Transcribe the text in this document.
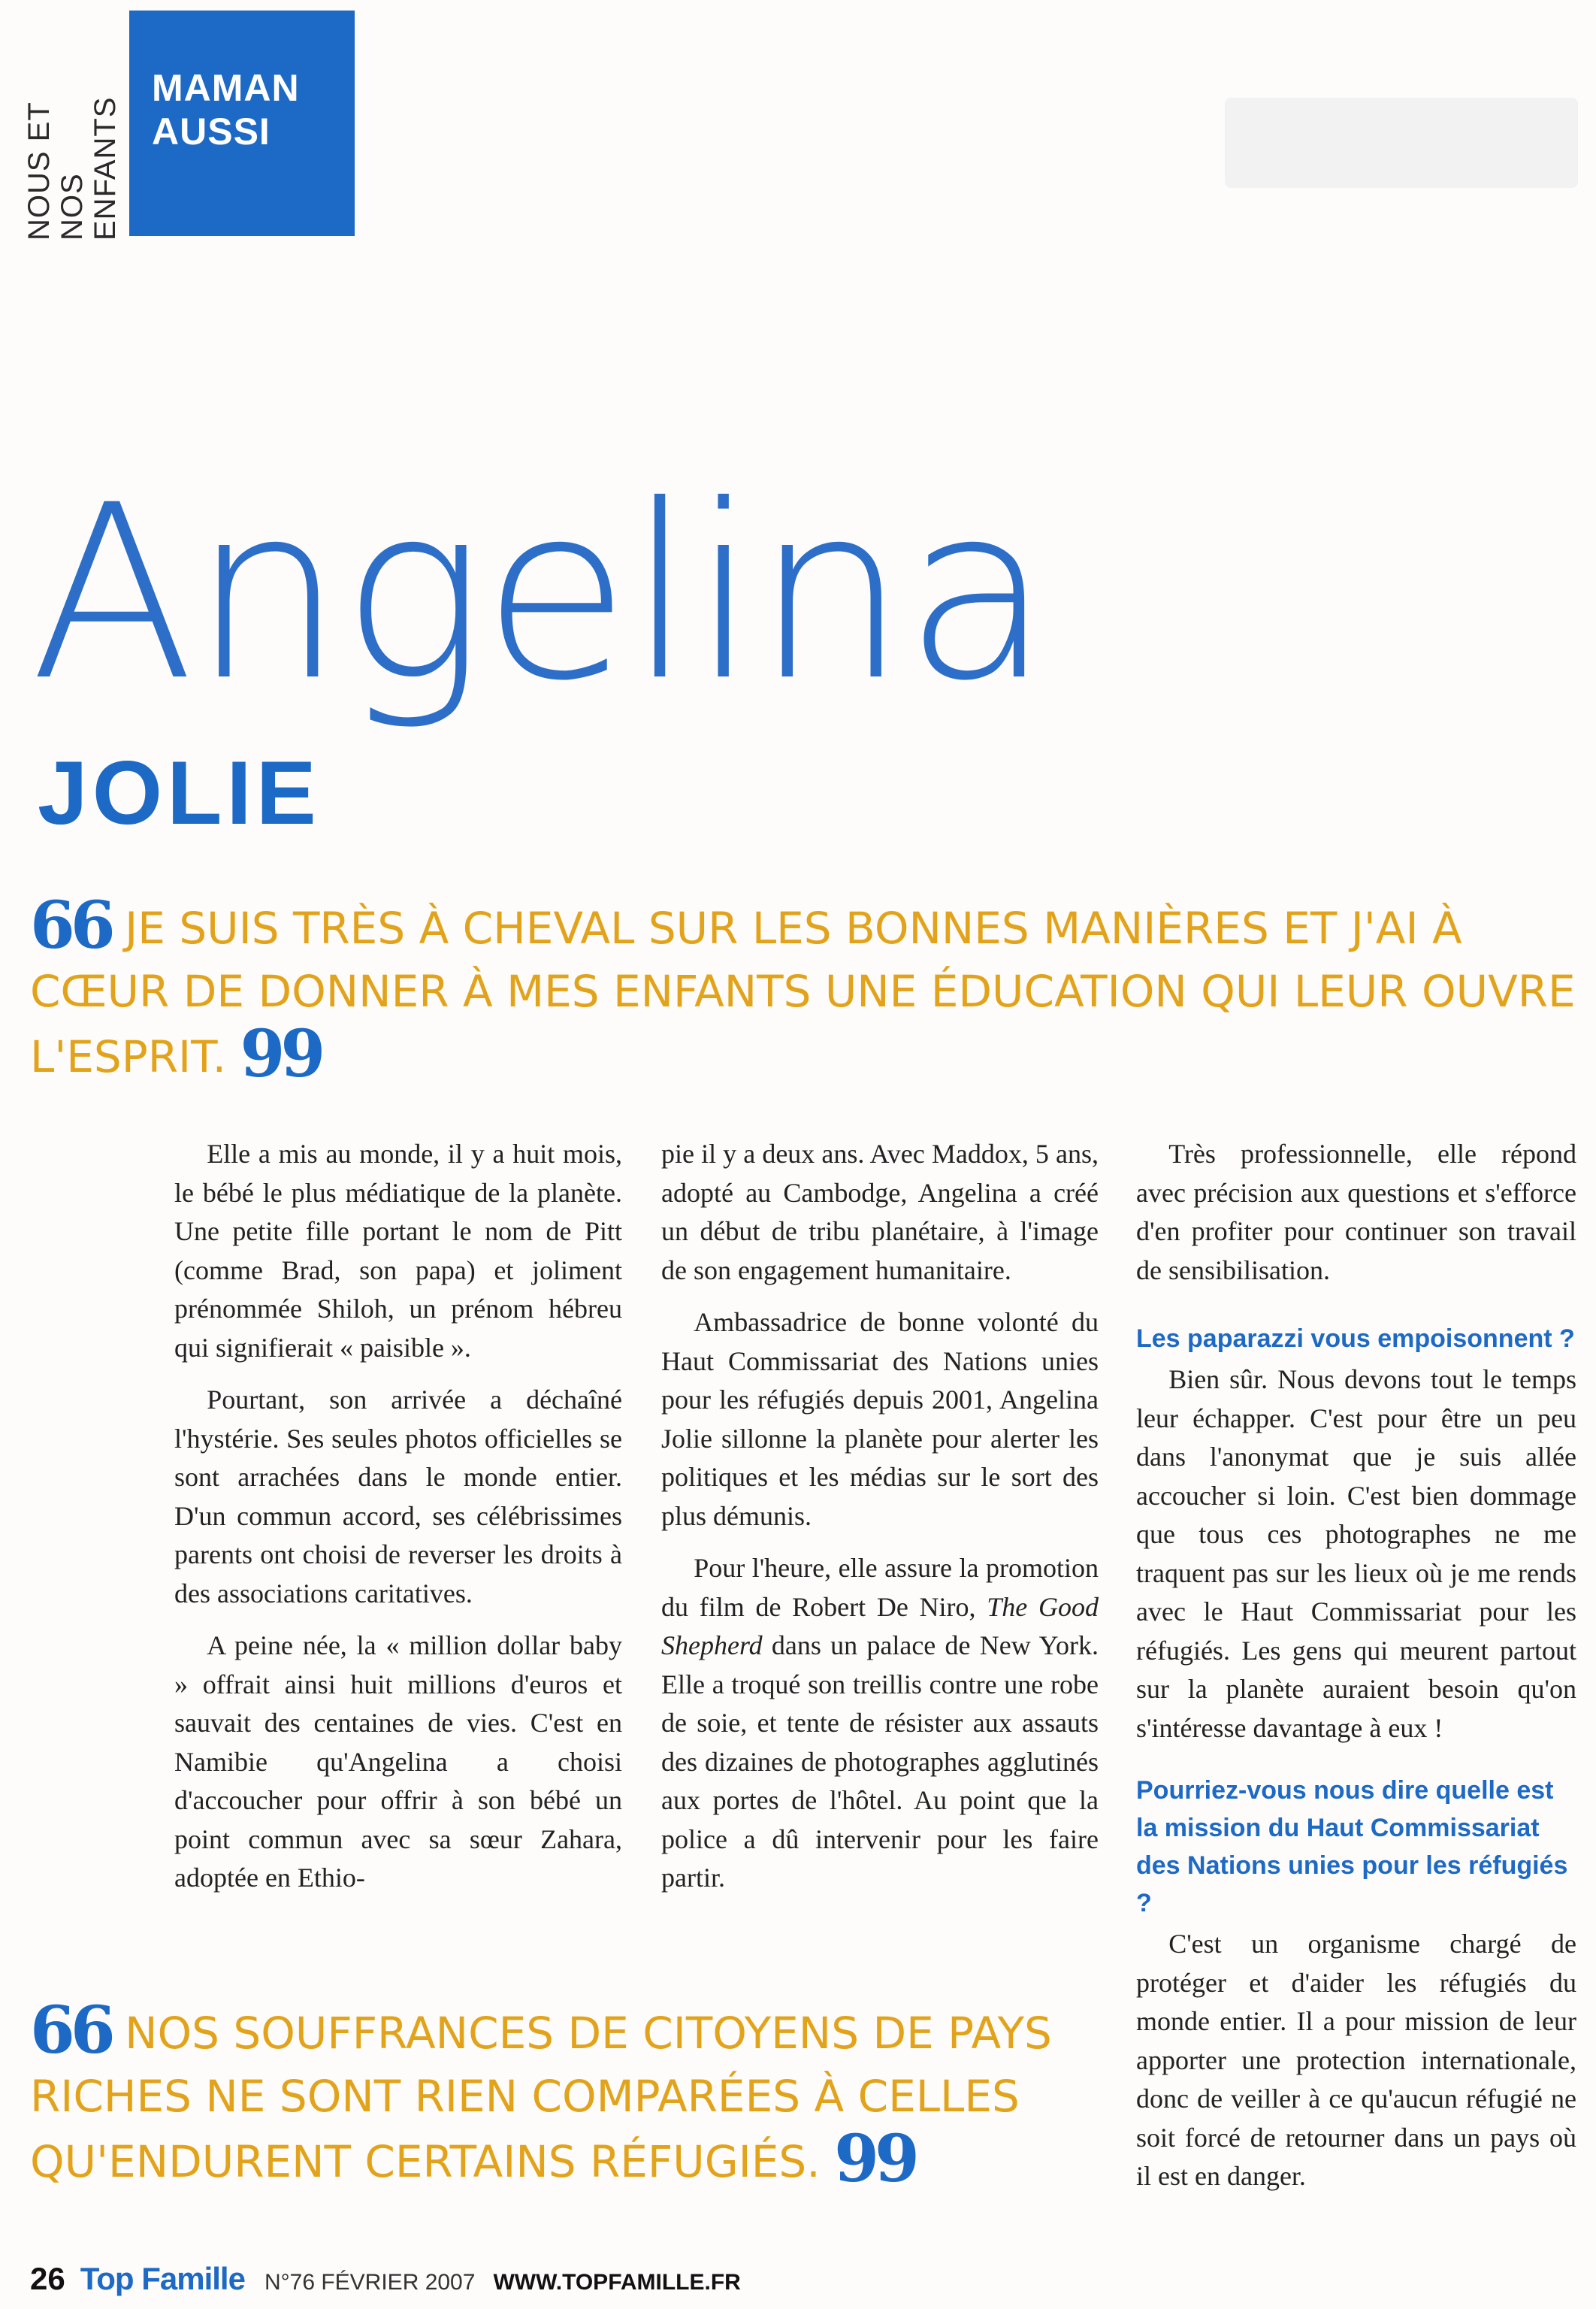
NOUS ET NOS
ENFANTS
MAMAN
AUSSI
Angelina
JOLIE
66 JE SUIS TRÈS À CHEVAL SUR LES BONNES MANIÈRES ET J'AI À CŒUR DE DONNER À MES ENFANTS UNE ÉDUCATION QUI LEUR OUVRE L'ESPRIT. 99

Elle a mis au monde, il y a huit mois, le bébé le plus médiatique de la planète. Une petite fille portant le nom de Pitt (comme Brad, son papa) et joliment prénommée Shiloh, un prénom hébreu qui signifierait « paisible ».

Pourtant, son arrivée a déchaîné l'hystérie. Ses seules photos officielles se sont arrachées dans le monde entier. D'un commun accord, ses célébrissimes parents ont choisi de reverser les droits à des associations caritatives.

A peine née, la « million dollar baby » offrait ainsi huit millions d'euros et sauvait des centaines de vies. C'est en Namibie qu'Angelina a choisi d'accoucher pour offrir à son bébé un point commun avec sa sœur Zahara, adoptée en Ethio-

pie il y a deux ans. Avec Maddox, 5 ans, adopté au Cambodge, Angelina a créé un début de tribu planétaire, à l'image de son engagement humanitaire.

Ambassadrice de bonne volonté du Haut Commissariat des Nations unies pour les réfugiés depuis 2001, Angelina Jolie sillonne la planète pour alerter les politiques et les médias sur le sort des plus démunis.

Pour l'heure, elle assure la promotion du film de Robert De Niro, The Good Shepherd dans un palace de New York. Elle a troqué son treillis contre une robe de soie, et tente de résister aux assauts des dizaines de photographes agglutinés aux portes de l'hôtel. Au point que la police a dû intervenir pour les faire partir.

Très professionnelle, elle répond avec précision aux questions et s'efforce d'en profiter pour continuer son travail de sensibilisation.

Les paparazzi vous empoisonnent ?

Bien sûr. Nous devons tout le temps leur échapper. C'est pour être un peu dans l'anonymat que je suis allée accoucher si loin. C'est bien dommage que tous ces photographes ne me traquent pas sur les lieux où je me rends avec le Haut Commissariat pour les réfugiés. Les gens qui meurent partout sur la planète auraient besoin qu'on s'intéresse davantage à eux !

Pourriez-vous nous dire quelle est la mission du Haut Commissariat des Nations unies pour les réfugiés ?

C'est un organisme chargé de protéger et d'aider les réfugiés du monde entier. Il a pour mission de leur apporter une protection internationale, donc de veiller à ce qu'aucun réfugié ne soit forcé de retourner dans un pays où il est en danger.

66 NOS SOUFFRANCES DE CITOYENS DE PAYS RICHES NE SONT RIEN COMPARÉES À CELLES QU'ENDURENT CERTAINS RÉFUGIÉS. 99
26 Top Famille N°76 FÉVRIER 2007 WWW.TOPFAMILLE.FR
